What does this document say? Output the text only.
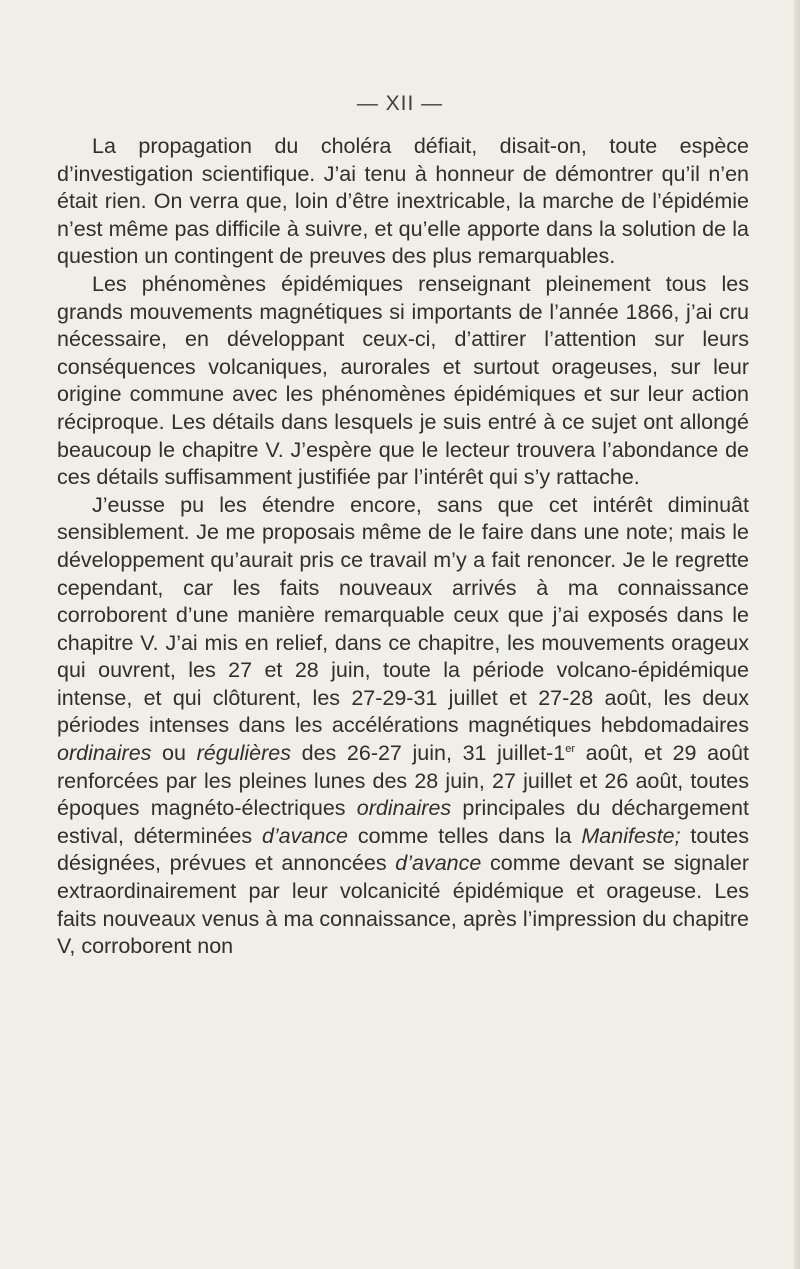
— XII —

La propagation du choléra défiait, disait-on, toute espèce d’investigation scientifique. J’ai tenu à honneur de démontrer qu’il n’en était rien. On verra que, loin d’être inextricable, la marche de l’épidémie n’est même pas difficile à suivre, et qu’elle apporte dans la solution de la question un contingent de preuves des plus remarquables.

Les phénomènes épidémiques renseignant pleinement tous les grands mouvements magnétiques si importants de l’année 1866, j’ai cru nécessaire, en développant ceux-ci, d’attirer l’attention sur leurs conséquences volcaniques, aurorales et surtout orageuses, sur leur origine commune avec les phénomènes épidémiques et sur leur action réciproque. Les détails dans lesquels je suis entré à ce sujet ont allongé beaucoup le chapitre V. J’espère que le lecteur trouvera l’abondance de ces détails suffisamment justifiée par l’intérêt qui s’y rattache.

J’eusse pu les étendre encore, sans que cet intérêt diminuât sensiblement. Je me proposais même de le faire dans une note; mais le développement qu’aurait pris ce travail m’y a fait renoncer. Je le regrette cependant, car les faits nouveaux arrivés à ma connaissance corroborent d’une manière remarquable ceux que j’ai exposés dans le chapitre V. J’ai mis en relief, dans ce chapitre, les mouvements orageux qui ouvrent, les 27 et 28 juin, toute la période volcano-épidémique intense, et qui clôturent, les 27-29-31 juillet et 27-28 août, les deux périodes intenses dans les accélérations magnétiques hebdomadaires ordinaires ou régulières des 26-27 juin, 31 juillet-1er août, et 29 août renforcées par les pleines lunes des 28 juin, 27 juillet et 26 août, toutes époques magnéto-électriques ordinaires principales du déchargement estival, déterminées d’avance comme telles dans la Manifeste; toutes désignées, prévues et annoncées d’avance comme devant se signaler extraordinairement par leur volcanicité épidémique et orageuse. Les faits nouveaux venus à ma connaissance, après l’impression du chapitre V, corroborent non
